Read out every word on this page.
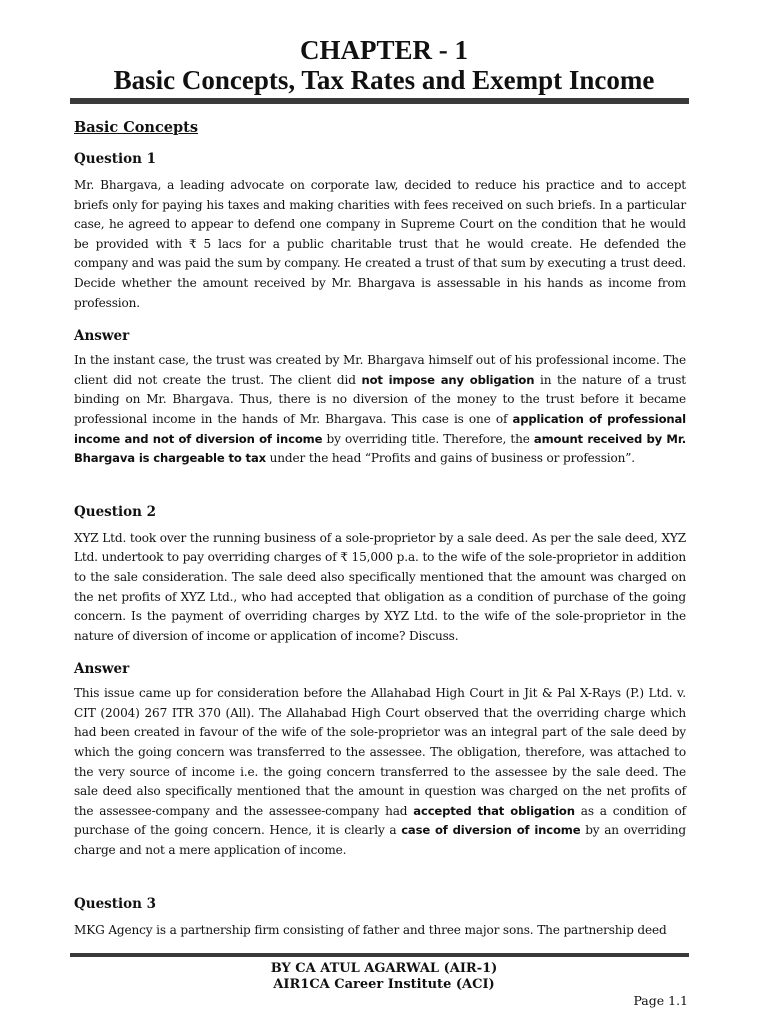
CHAPTER - 1
Basic Concepts, Tax Rates and Exempt Income

Basic Concepts

Question 1

Mr. Bhargava, a leading advocate on corporate law, decided to reduce his practice and to accept briefs only for paying his taxes and making charities with fees received on such briefs. In a particular case, he agreed to appear to defend one company in Supreme Court on the condition that he would be provided with ₹ 5 lacs for a public charitable trust that he would create. He defended the company and was paid the sum by company. He created a trust of that sum by executing a trust deed. Decide whether the amount received by Mr. Bhargava is assessable in his hands as income from profession.

Answer

In the instant case, the trust was created by Mr. Bhargava himself out of his professional income. The client did not create the trust. The client did not impose any obligation in the nature of a trust binding on Mr. Bhargava. Thus, there is no diversion of the money to the trust before it became professional income in the hands of Mr. Bhargava. This case is one of application of professional income and not of diversion of income by overriding title. Therefore, the amount received by Mr. Bhargava is chargeable to tax under the head “Profits and gains of business or profession”.

Question 2

XYZ Ltd. took over the running business of a sole-proprietor by a sale deed. As per the sale deed, XYZ Ltd. undertook to pay overriding charges of ₹ 15,000 p.a. to the wife of the sole-proprietor in addition to the sale consideration. The sale deed also specifically mentioned that the amount was charged on the net profits of XYZ Ltd., who had accepted that obligation as a condition of purchase of the going concern. Is the payment of overriding charges by XYZ Ltd. to the wife of the sole-proprietor in the nature of diversion of income or application of income? Discuss.

Answer

This issue came up for consideration before the Allahabad High Court in Jit & Pal X-Rays (P.) Ltd. v. CIT (2004) 267 ITR 370 (All). The Allahabad High Court observed that the overriding charge which had been created in favour of the wife of the sole-proprietor was an integral part of the sale deed by which the going concern was transferred to the assessee. The obligation, therefore, was attached to the very source of income i.e. the going concern transferred to the assessee by the sale deed. The sale deed also specifically mentioned that the amount in question was charged on the net profits of the assessee-company and the assessee-company had accepted that obligation as a condition of purchase of the going concern. Hence, it is clearly a case of diversion of income by an overriding charge and not a mere application of income.

Question 3

MKG Agency is a partnership firm consisting of father and three major sons. The partnership deed

BY CA ATUL AGARWAL (AIR-1)

AIR1CA Career Institute (ACI)

Page 1.1
